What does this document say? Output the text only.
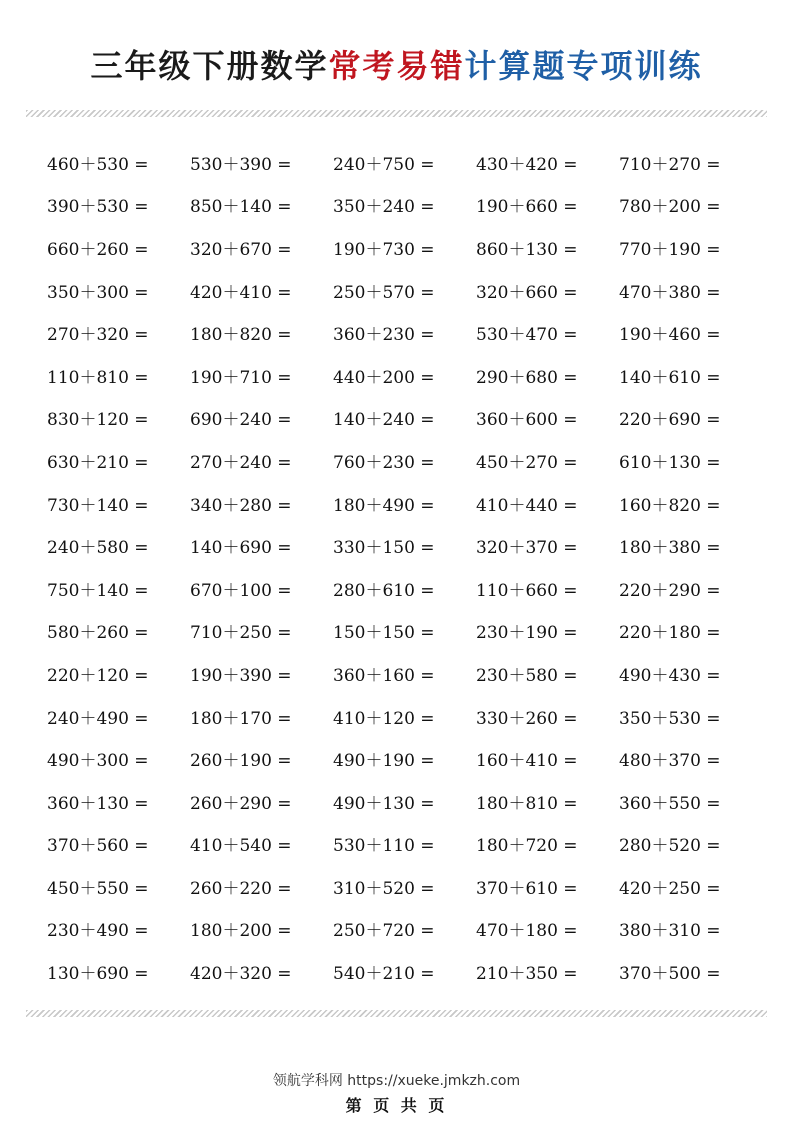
三年级下册数学常考易错计算题专项训练
460＋530 =	530＋390 =	240＋750 =	430＋420 =	710＋270 =
390＋530 =	850＋140 =	350＋240 =	190＋660 =	780＋200 =
660＋260 =	320＋670 =	190＋730 =	860＋130 =	770＋190 =
350＋300 =	420＋410 =	250＋570 =	320＋660 =	470＋380 =
270＋320 =	180＋820 =	360＋230 =	530＋470 =	190＋460 =
110＋810 =	190＋710 =	440＋200 =	290＋680 =	140＋610 =
830＋120 =	690＋240 =	140＋240 =	360＋600 =	220＋690 =
630＋210 =	270＋240 =	760＋230 =	450＋270 =	610＋130 =
730＋140 =	340＋280 =	180＋490 =	410＋440 =	160＋820 =
240＋580 =	140＋690 =	330＋150 =	320＋370 =	180＋380 =
750＋140 =	670＋100 =	280＋610 =	110＋660 =	220＋290 =
580＋260 =	710＋250 =	150＋150 =	230＋190 =	220＋180 =
220＋120 =	190＋390 =	360＋160 =	230＋580 =	490＋430 =
240＋490 =	180＋170 =	410＋120 =	330＋260 =	350＋530 =
490＋300 =	260＋190 =	490＋190 =	160＋410 =	480＋370 =
360＋130 =	260＋290 =	490＋130 =	180＋810 =	360＋550 =
370＋560 =	410＋540 =	530＋110 =	180＋720 =	280＋520 =
450＋550 =	260＋220 =	310＋520 =	370＋610 =	420＋250 =
230＋490 =	180＋200 =	250＋720 =	470＋180 =	380＋310 =
130＋690 =	420＋320 =	540＋210 =	210＋350 =	370＋500 =
领航学科网 https://xueke.jmkzh.com
第 页 共 页
